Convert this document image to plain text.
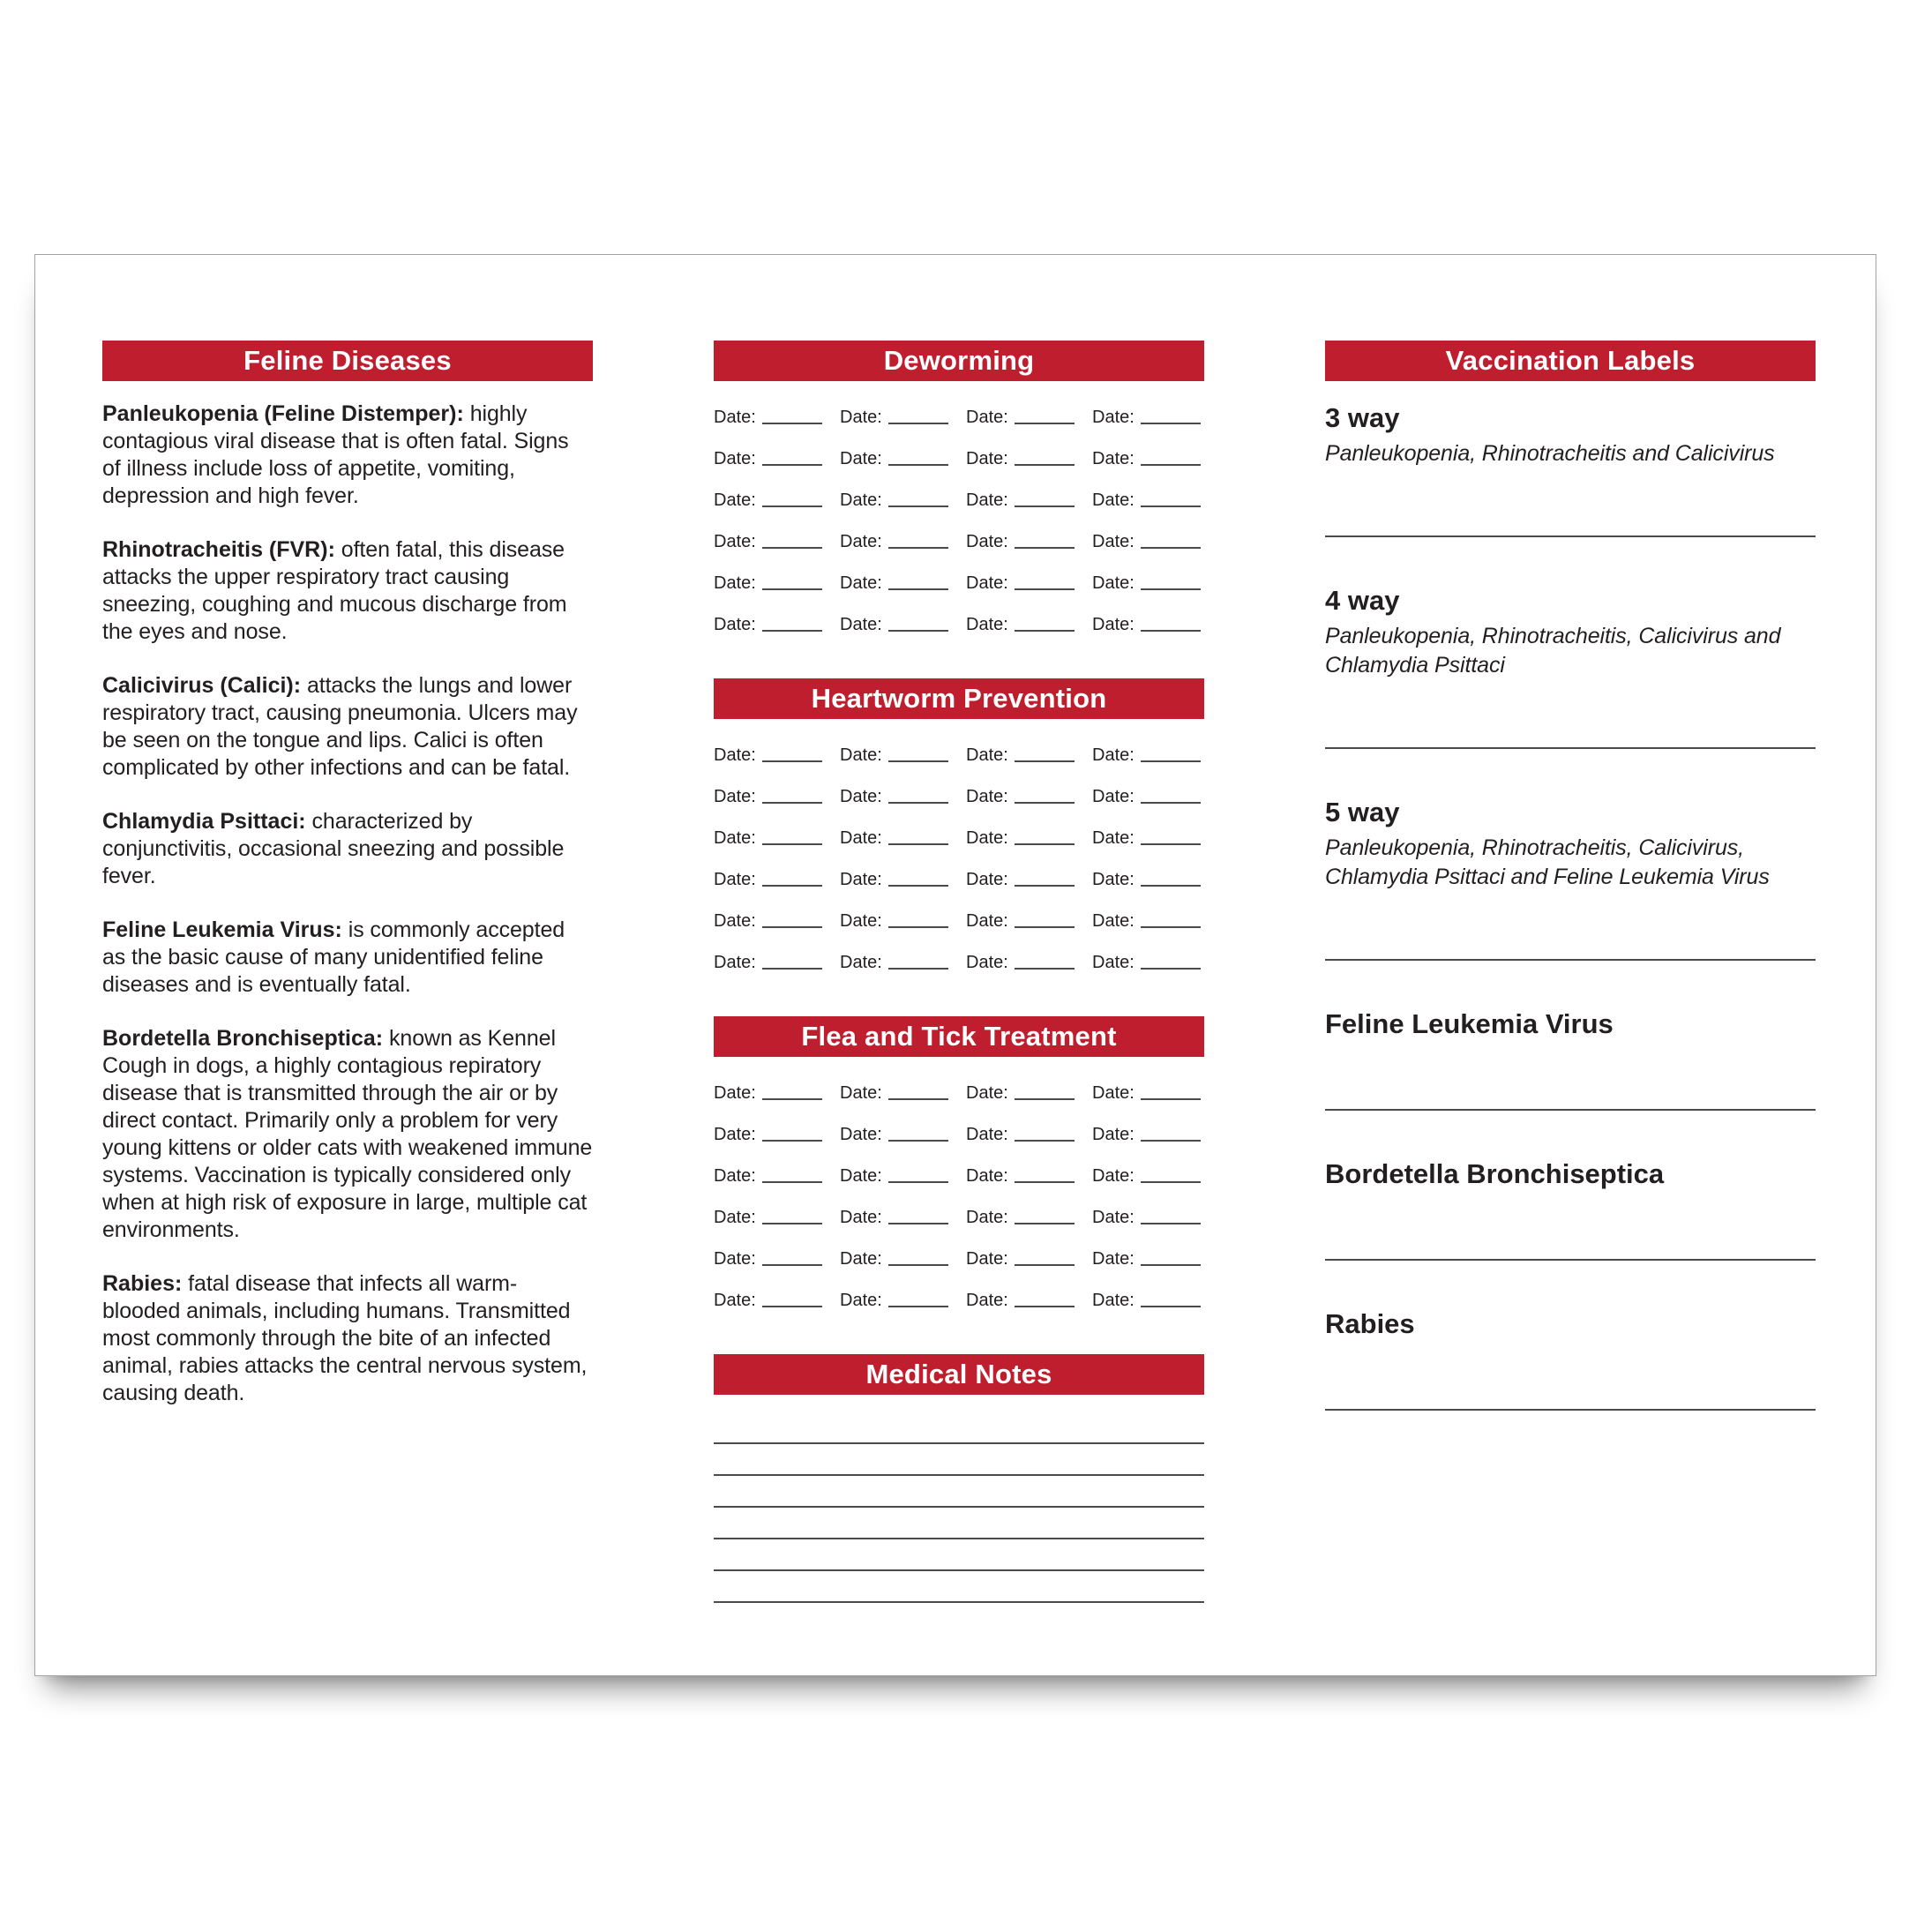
Feline Diseases

Panleukopenia (Feline Distemper): highly contagious viral disease that is often fatal. Signs of illness include loss of appetite, vomiting, depression and high fever.

Rhinotracheitis (FVR): often fatal, this disease attacks the upper respiratory tract causing sneezing, coughing and mucous discharge from the eyes and nose.

Calicivirus (Calici): attacks the lungs and lower respiratory tract, causing pneumonia. Ulcers may be seen on the tongue and lips. Calici is often complicated by other infections and can be fatal.

Chlamydia Psittaci: characterized by conjunctivitis, occasional sneezing and possible fever.

Feline Leukemia Virus: is commonly accepted as the basic cause of many unidentified feline diseases and is eventually fatal.

Bordetella Bronchiseptica: known as Kennel Cough in dogs, a highly contagious repiratory disease that is transmitted through the air or by direct contact. Primarily only a problem for very young kittens or older cats with weakened immune systems. Vaccination is typically considered only when at high risk of exposure in large, multiple cat environments.

Rabies: fatal disease that infects all warm-blooded animals, including humans. Transmitted most commonly through the bite of an infected animal, rabies attacks the central nervous system, causing death.

Deworming
Date:	Date:	Date:	Date:
Date:	Date:	Date:	Date:
Date:	Date:	Date:	Date:
Date:	Date:	Date:	Date:
Date:	Date:	Date:	Date:
Date:	Date:	Date:	Date:
Heartworm Prevention
Date:	Date:	Date:	Date:
Date:	Date:	Date:	Date:
Date:	Date:	Date:	Date:
Date:	Date:	Date:	Date:
Date:	Date:	Date:	Date:
Date:	Date:	Date:	Date:
Flea and Tick Treatment
Date:	Date:	Date:	Date:
Date:	Date:	Date:	Date:
Date:	Date:	Date:	Date:
Date:	Date:	Date:	Date:
Date:	Date:	Date:	Date:
Date:	Date:	Date:	Date:
Medical Notes
Vaccination Labels
3 way
Panleukopenia, Rhinotracheitis and Calicivirus
4 way
Panleukopenia, Rhinotracheitis, Calicivirus and Chlamydia Psittaci
5 way
Panleukopenia, Rhinotracheitis, Calicivirus, Chlamydia Psittaci and Feline Leukemia Virus
Feline Leukemia Virus
Bordetella Bronchiseptica
Rabies
